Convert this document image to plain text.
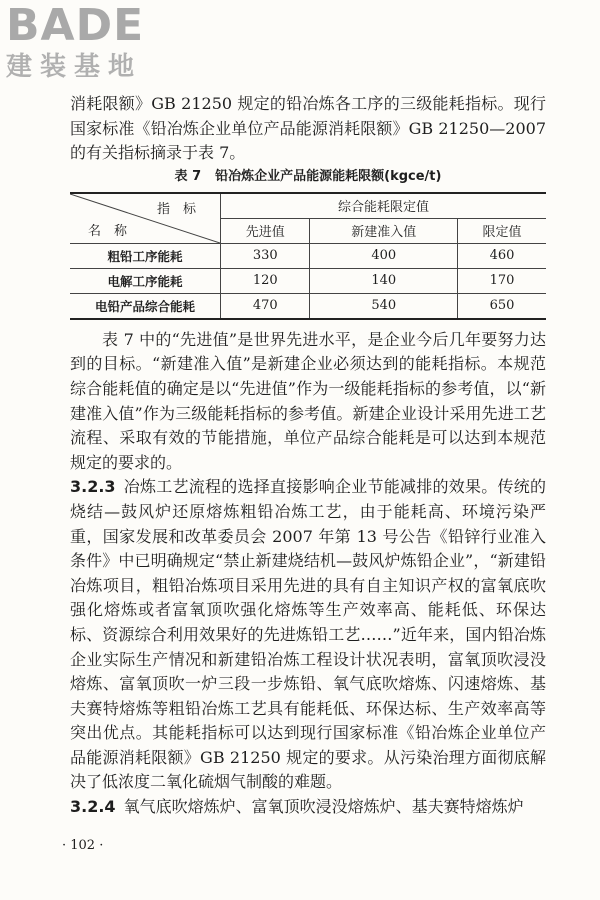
BADE
建装基地

消耗限额》GB 21250 规定的铅冶炼各工序的三级能耗指标。现行国家标准《铅冶炼企业单位产品能源消耗限额》GB 21250—2007 的有关指标摘录于表 7。

表 7 铅冶炼企业产品能源能耗限额(kgce/t)
指　标
名　称	综合能耗限定值		
	先进值	新建准入值	限定值
粗铅工序能耗	330	400	460
电解工序能耗	120	140	170
电铅产品综合能耗	470	540	650

表 7 中的“先进值”是世界先进水平，是企业今后几年要努力达到的目标。“新建准入值”是新建企业必须达到的能耗指标。本规范综合能耗值的确定是以“先进值”作为一级能耗指标的参考值，以“新建准入值”作为三级能耗指标的参考值。新建企业设计采用先进工艺流程、采取有效的节能措施，单位产品综合能耗是可以达到本规范规定的要求的。

3.2.3 冶炼工艺流程的选择直接影响企业节能减排的效果。传统的烧结—鼓风炉还原熔炼粗铅冶炼工艺，由于能耗高、环境污染严重，国家发展和改革委员会 2007 年第 13 号公告《铅锌行业准入条件》中已明确规定“禁止新建烧结机—鼓风炉炼铅企业”，“新建铅冶炼项目，粗铅冶炼项目采用先进的具有自主知识产权的富氧底吹强化熔炼或者富氧顶吹强化熔炼等生产效率高、能耗低、环保达标、资源综合利用效果好的先进炼铅工艺……”近年来，国内铅冶炼企业实际生产情况和新建铅冶炼工程设计状况表明，富氧顶吹浸没熔炼、富氧顶吹一炉三段一步炼铅、氧气底吹熔炼、闪速熔炼、基夫赛特熔炼等粗铅冶炼工艺具有能耗低、环保达标、生产效率高等突出优点。其能耗指标可以达到现行国家标准《铅冶炼企业单位产品能源消耗限额》GB 21250 规定的要求。从污染治理方面彻底解决了低浓度二氧化硫烟气制酸的难题。

3.2.4 氧气底吹熔炼炉、富氧顶吹浸没熔炼炉、基夫赛特熔炼炉

· 102 ·
